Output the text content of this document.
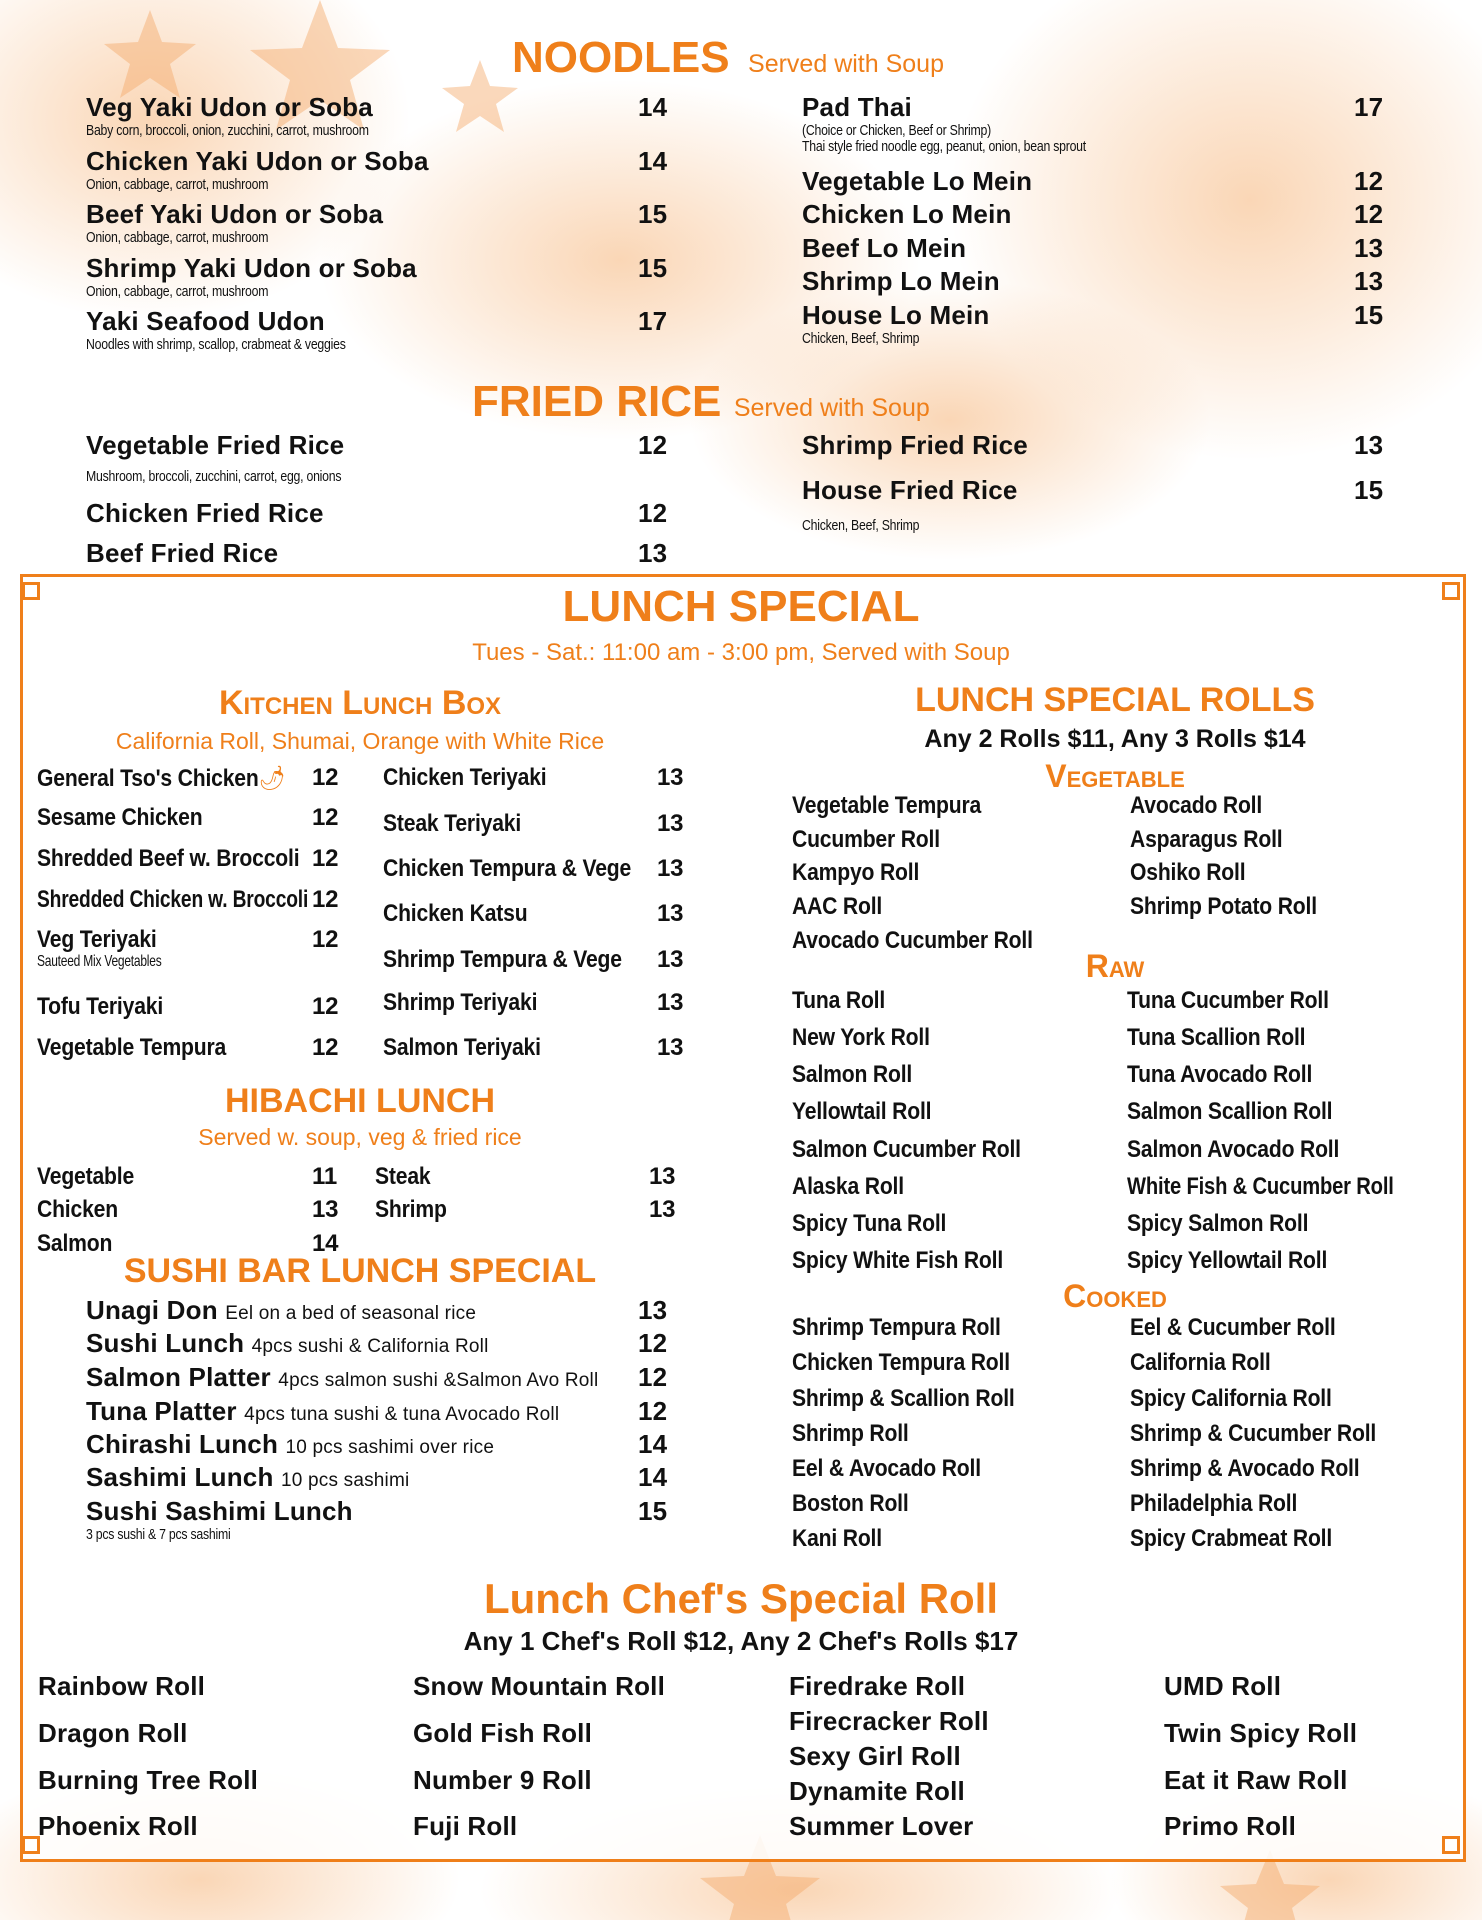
NOODLES Served with Soup
Veg Yaki Udon or Soba
Baby corn, broccoli, onion, zucchini, carrot, mushroom
14
Chicken Yaki Udon or Soba
Onion, cabbage, carrot, mushroom
14
Beef Yaki Udon or Soba
Onion, cabbage, carrot, mushroom
15
Shrimp Yaki Udon or Soba
Onion, cabbage, carrot, mushroom
15
Yaki Seafood Udon
Noodles with shrimp, scallop, crabmeat & veggies
17
Pad Thai
(Choice or Chicken, Beef or Shrimp)
Thai style fried noodle egg, peanut, onion, bean sprout
17
Vegetable Lo Mein	12
Chicken Lo Mein	12
Beef Lo Mein	13
Shrimp Lo Mein	13
House Lo Mein
Chicken, Beef, Shrimp
15
FRIED RICE Served with Soup
Vegetable Fried Rice
Mushroom, broccoli, zucchini, carrot, egg, onions
12
Chicken Fried Rice	12
Beef Fried Rice	13
Shrimp Fried Rice	13
House Fried Rice
Chicken, Beef, Shrimp
15
LUNCH SPECIAL
Tues - Sat.: 11:00 am - 3:00 pm, Served with Soup
Kitchen Lunch Box
California Roll, Shumai, Orange with White Rice
General Tso's Chicken🌶 12
Sesame Chicken	12
Shredded Beef w. Broccoli 12
Shredded Chicken w. Broccoli 12
Veg Teriyaki
Sauteed Mix Vegetables
12
Tofu Teriyaki	12
Vegetable Tempura	12
Chicken Teriyaki	13
Steak Teriyaki	13
Chicken Tempura & Vege 13
Chicken Katsu	13
Shrimp Tempura & Vege 13
Shrimp Teriyaki	13
Salmon Teriyaki	13
HIBACHI LUNCH
Served w. soup, veg & fried rice
Vegetable	11
Chicken	13
Salmon	14
Steak	13
Shrimp	13
SUSHI BAR LUNCH SPECIAL
Unagi Don Eel on a bed of seasonal rice	13
Sushi Lunch 4pcs sushi & California Roll	12
Salmon Platter 4pcs salmon sushi &Salmon Avo Roll 12
Tuna Platter 4pcs tuna sushi & tuna Avocado Roll	12
Chirashi Lunch 10 pcs sashimi over rice	14
Sashimi Lunch 10 pcs sashimi	14
Sushi Sashimi Lunch
3 pcs sushi & 7 pcs sashimi
15
LUNCH SPECIAL ROLLS
Any 2 Rolls $11, Any 3 Rolls $14
Vegetable
Raw
Cooked
Vegetable Tempura
Cucumber Roll
Kampyo Roll
AAC Roll
Avocado Cucumber Roll
Avocado Roll
Asparagus Roll
Oshiko Roll
Shrimp Potato Roll
Tuna Roll
New York Roll
Salmon Roll
Yellowtail Roll
Salmon Cucumber Roll
Alaska Roll
Spicy Tuna Roll
Spicy White Fish Roll
Tuna Cucumber Roll
Tuna Scallion Roll
Tuna Avocado Roll
Salmon Scallion Roll
Salmon Avocado Roll
White Fish & Cucumber Roll
Spicy Salmon Roll
Spicy Yellowtail Roll
Shrimp Tempura Roll
Chicken Tempura Roll
Shrimp & Scallion Roll
Shrimp Roll
Eel & Avocado Roll
Boston Roll
Kani Roll
Eel & Cucumber Roll
California Roll
Spicy California Roll
Shrimp & Cucumber Roll
Shrimp & Avocado Roll
Philadelphia Roll
Spicy Crabmeat Roll
Lunch Chef's Special Roll
Any 1 Chef's Roll $12, Any 2 Chef's Rolls $17
Rainbow Roll
Dragon Roll
Burning Tree Roll
Phoenix Roll
Snow Mountain Roll
Gold Fish Roll
Number 9 Roll
Fuji Roll
Firedrake Roll
Firecracker Roll
Sexy Girl Roll
Dynamite Roll
Summer Lover
UMD Roll
Twin Spicy Roll
Eat it Raw Roll
Primo Roll
